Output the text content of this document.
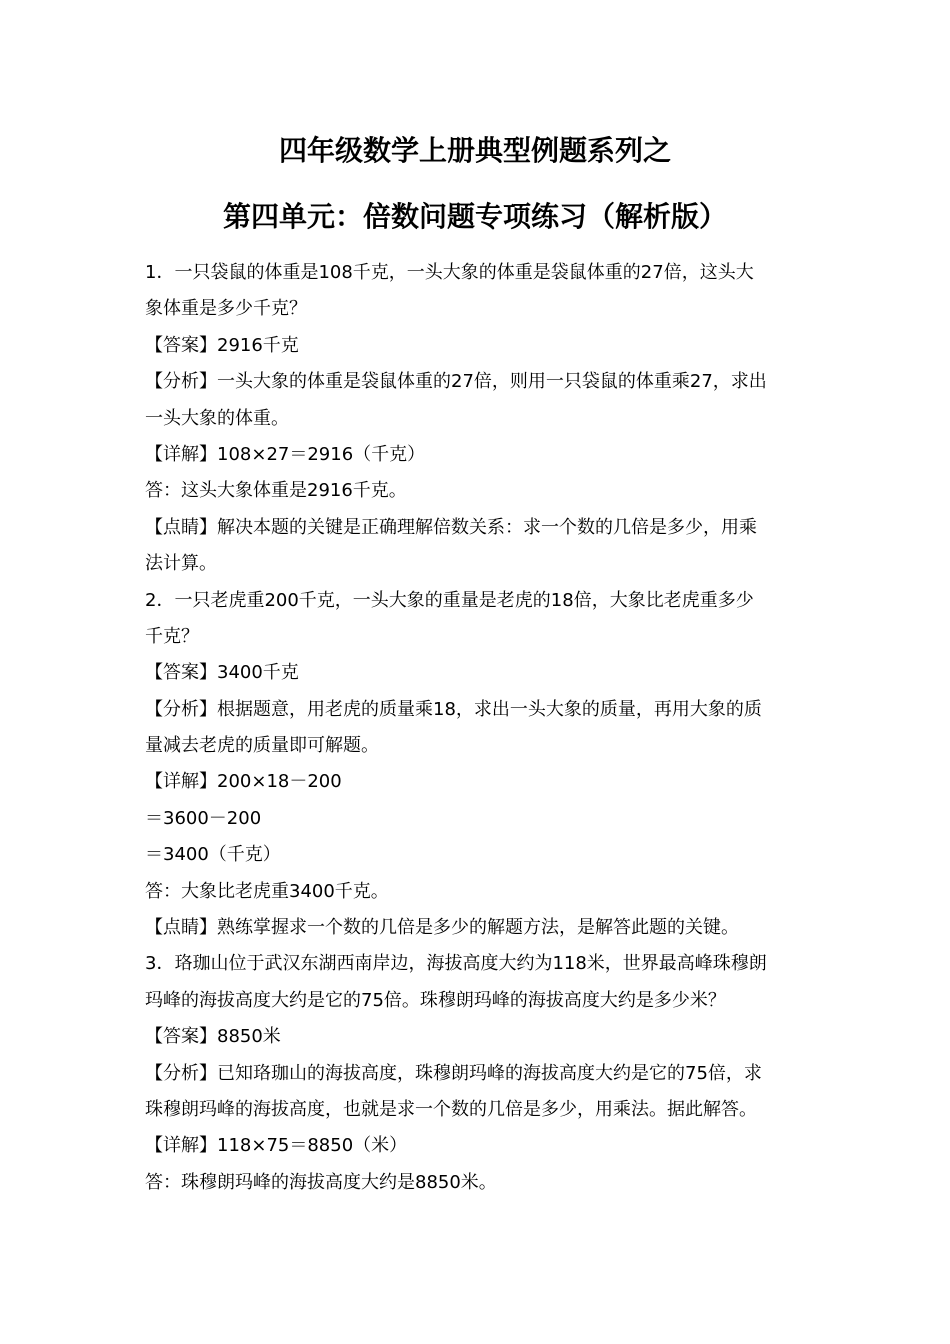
四年级数学上册典型例题系列之
第四单元：倍数问题专项练习（解析版）
1．一只袋鼠的体重是108千克，一头大象的体重是袋鼠体重的27倍，这头大
象体重是多少千克？
【答案】2916千克
【分析】一头大象的体重是袋鼠体重的27倍，则用一只袋鼠的体重乘27，求出
一头大象的体重。
【详解】108×27＝2916（千克）
答：这头大象体重是2916千克。
【点睛】解决本题的关键是正确理解倍数关系：求一个数的几倍是多少，用乘
法计算。
2．一只老虎重200千克，一头大象的重量是老虎的18倍，大象比老虎重多少
千克？
【答案】3400千克
【分析】根据题意，用老虎的质量乘18，求出一头大象的质量，再用大象的质
量减去老虎的质量即可解题。
【详解】200×18－200
＝3600－200
＝3400（千克）
答：大象比老虎重3400千克。
【点睛】熟练掌握求一个数的几倍是多少的解题方法，是解答此题的关键。
3．珞珈山位于武汉东湖西南岸边，海拔高度大约为118米，世界最高峰珠穆朗
玛峰的海拔高度大约是它的75倍。珠穆朗玛峰的海拔高度大约是多少米？
【答案】8850米
【分析】已知珞珈山的海拔高度，珠穆朗玛峰的海拔高度大约是它的75倍，求
珠穆朗玛峰的海拔高度，也就是求一个数的几倍是多少，用乘法。据此解答。
【详解】118×75＝8850（米）
答：珠穆朗玛峰的海拔高度大约是8850米。
